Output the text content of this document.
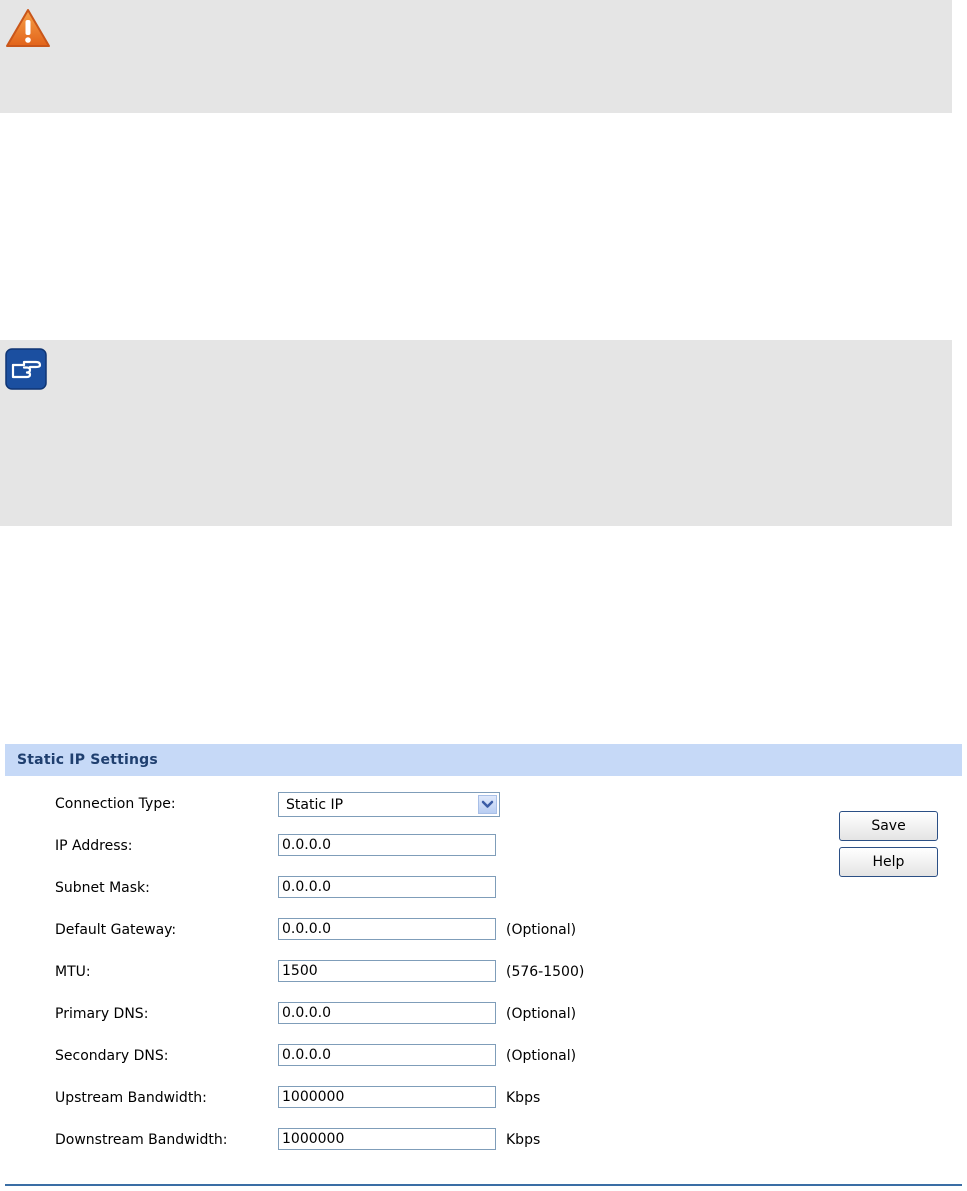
Static IP Settings
Connection Type:	Static IP
IP Address:
0.0.0.0
Subnet Mask:
0.0.0.0
Default Gateway:
0.0.0.0	(Optional)
MTU:
1500	(576-1500)
Primary DNS:
0.0.0.0	(Optional)
Secondary DNS:
0.0.0.0	(Optional)
Upstream Bandwidth:
1000000	Kbps
Downstream Bandwidth:
1000000	Kbps
Save
Help
